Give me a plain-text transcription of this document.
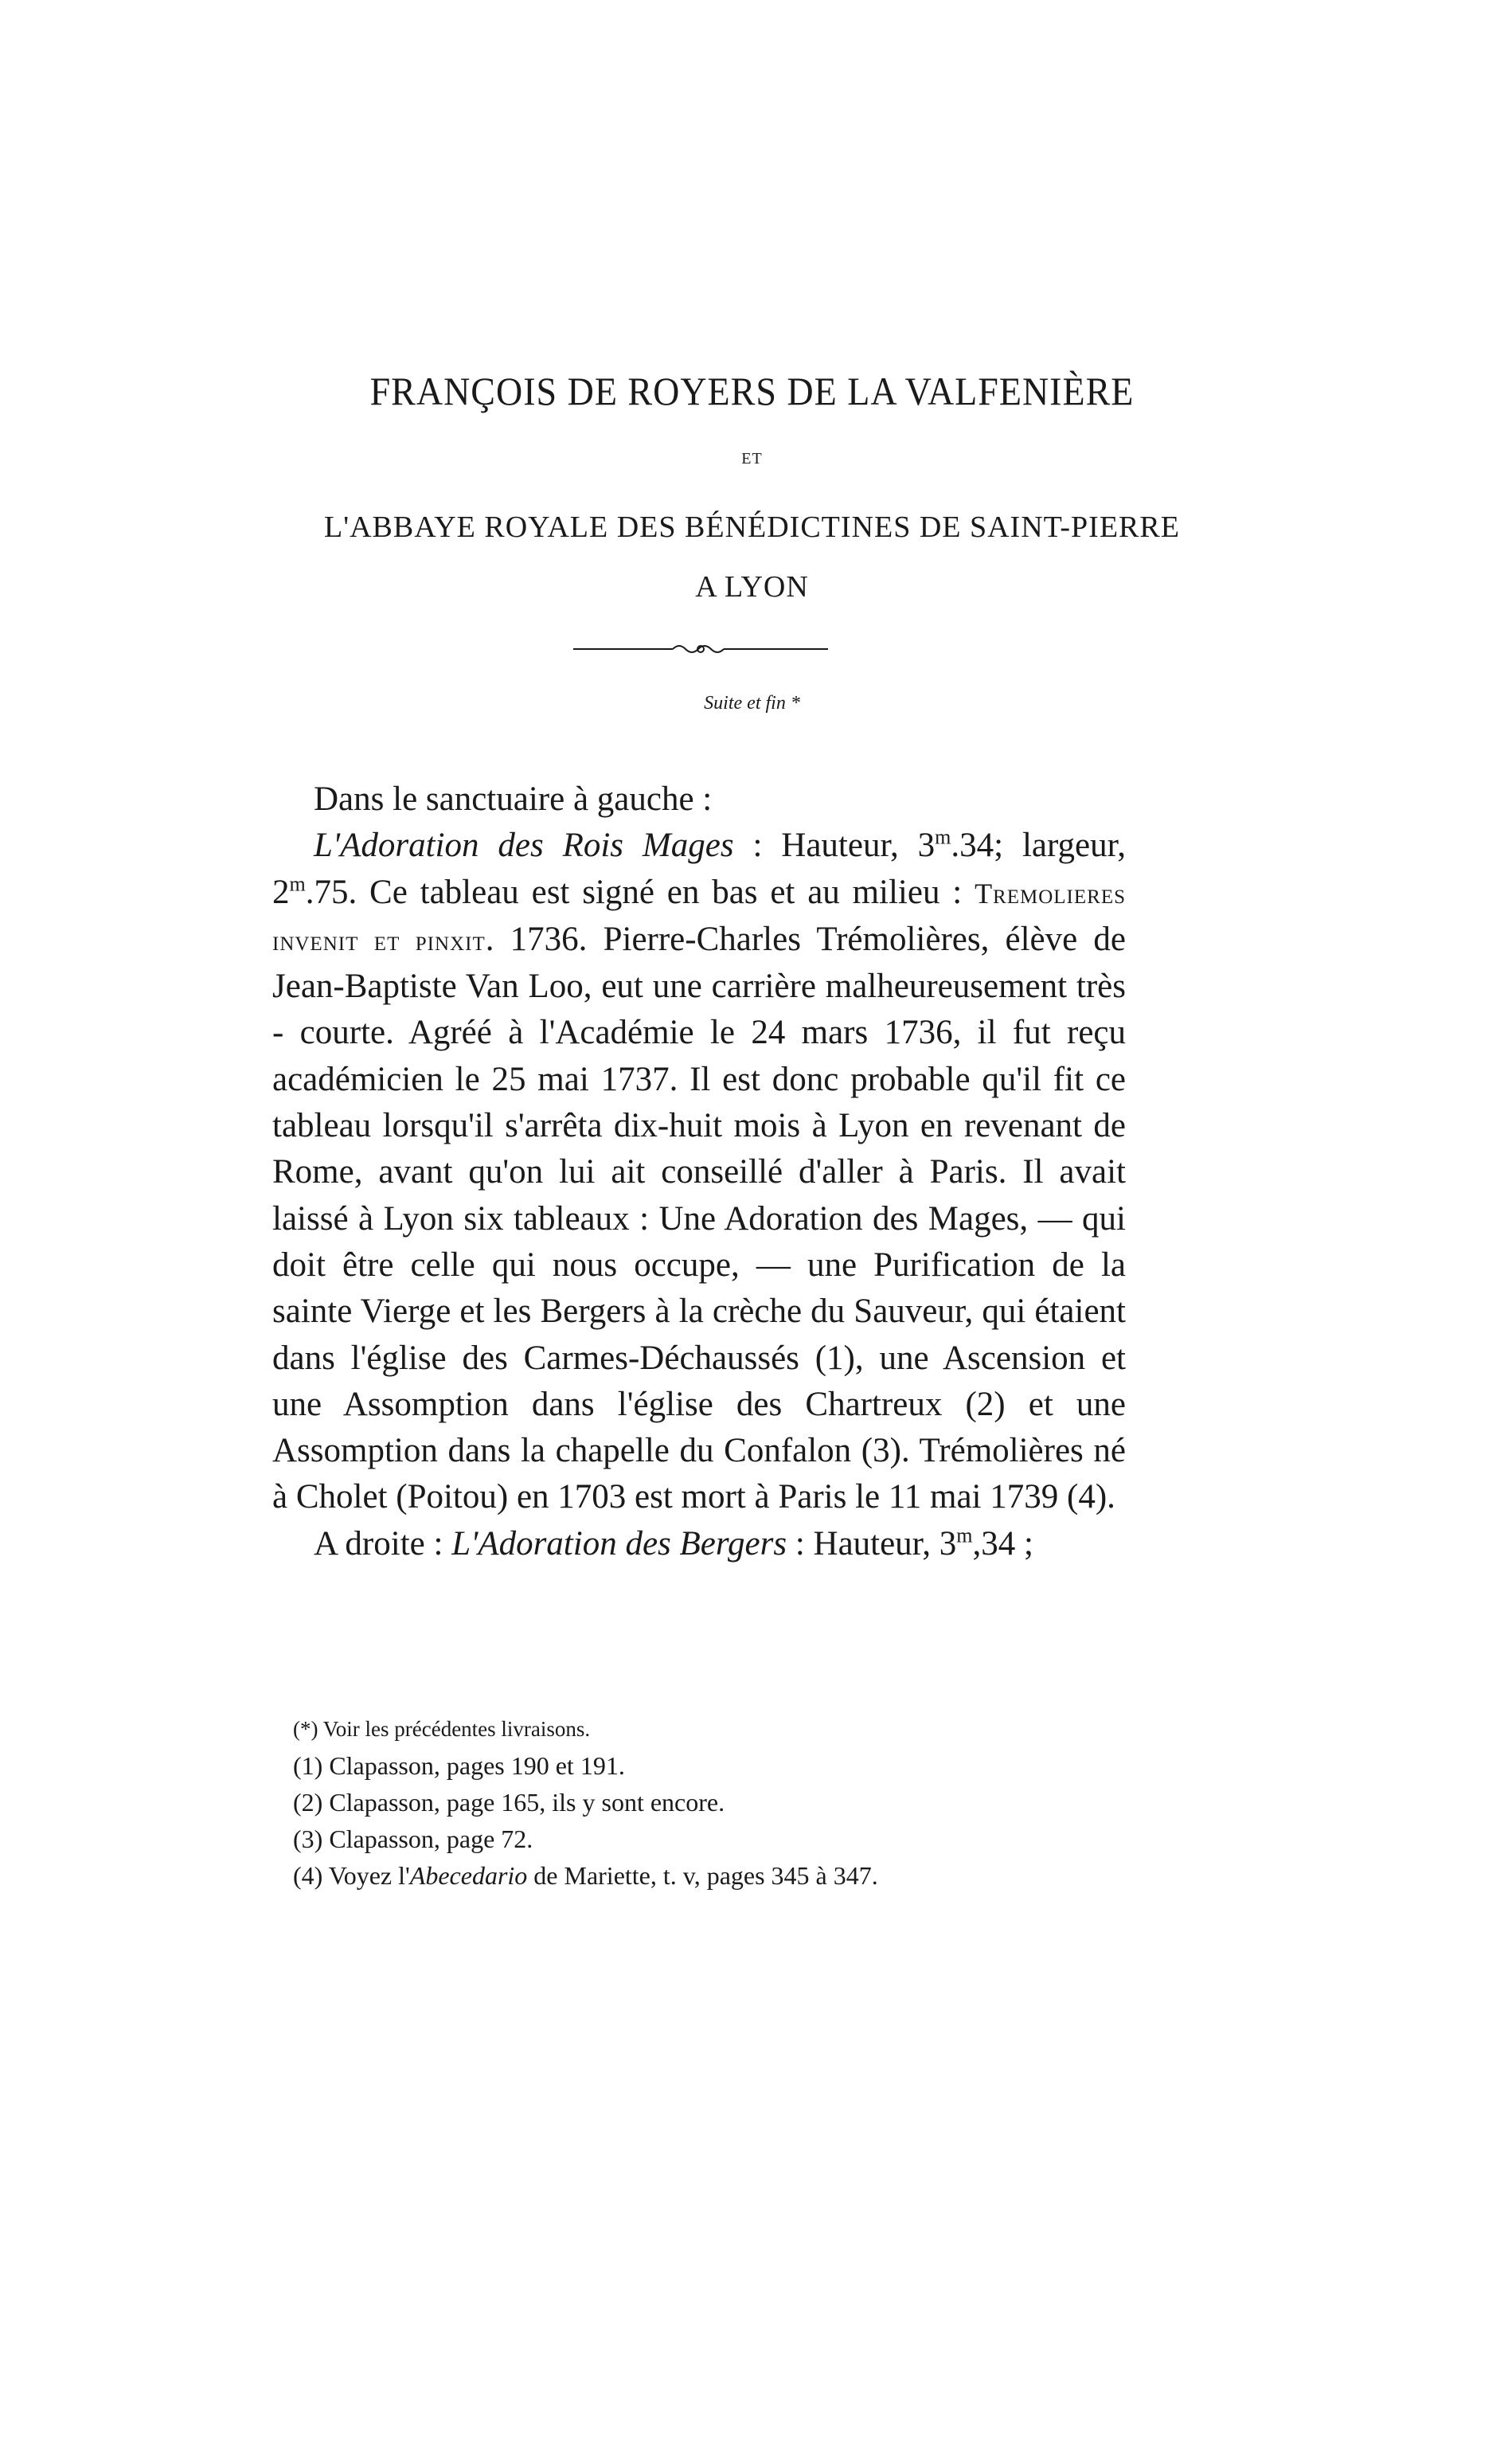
FRANÇOIS DE ROYERS DE LA VALFENIÈRE
ET
L'ABBAYE ROYALE DES BÉNÉDICTINES DE SAINT-PIERRE
A LYON
Suite et fin *

Dans le sanctuaire à gauche :

L'Adoration des Rois Mages : Hauteur, 3$^m$.34; largeur, 2$^m$.75. Ce tableau est signé en bas et au milieu : Tremolieres invenit et pinxit. 1736. Pierre-Charles Trémolières, élève de Jean-Baptiste Van Loo, eut une carrière malheureusement très - courte. Agréé à l'Académie le 24 mars 1736, il fut reçu académicien le 25 mai 1737. Il est donc probable qu'il fit ce tableau lorsqu'il s'arrêta dix-huit mois à Lyon en revenant de Rome, avant qu'on lui ait conseillé d'aller à Paris. Il avait laissé à Lyon six tableaux : Une Adoration des Mages, — qui doit être celle qui nous occupe, — une Purification de la sainte Vierge et les Bergers à la crèche du Sauveur, qui étaient dans l'église des Carmes-Déchaussés (1), une Ascension et une Assomption dans l'église des Chartreux (2) et une Assomption dans la chapelle du Confalon (3). Trémolières né à Cholet (Poitou) en 1703 est mort à Paris le 11 mai 1739 (4).

A droite : L'Adoration des Bergers : Hauteur, 3$^m$,34 ;

(*) Voir les précédentes livraisons.
(1) Clapasson, pages 190 et 191.
(2) Clapasson, page 165, ils y sont encore.
(3) Clapasson, page 72.
(4) Voyez l'Abecedario de Mariette, t. v, pages 345 à 347.
